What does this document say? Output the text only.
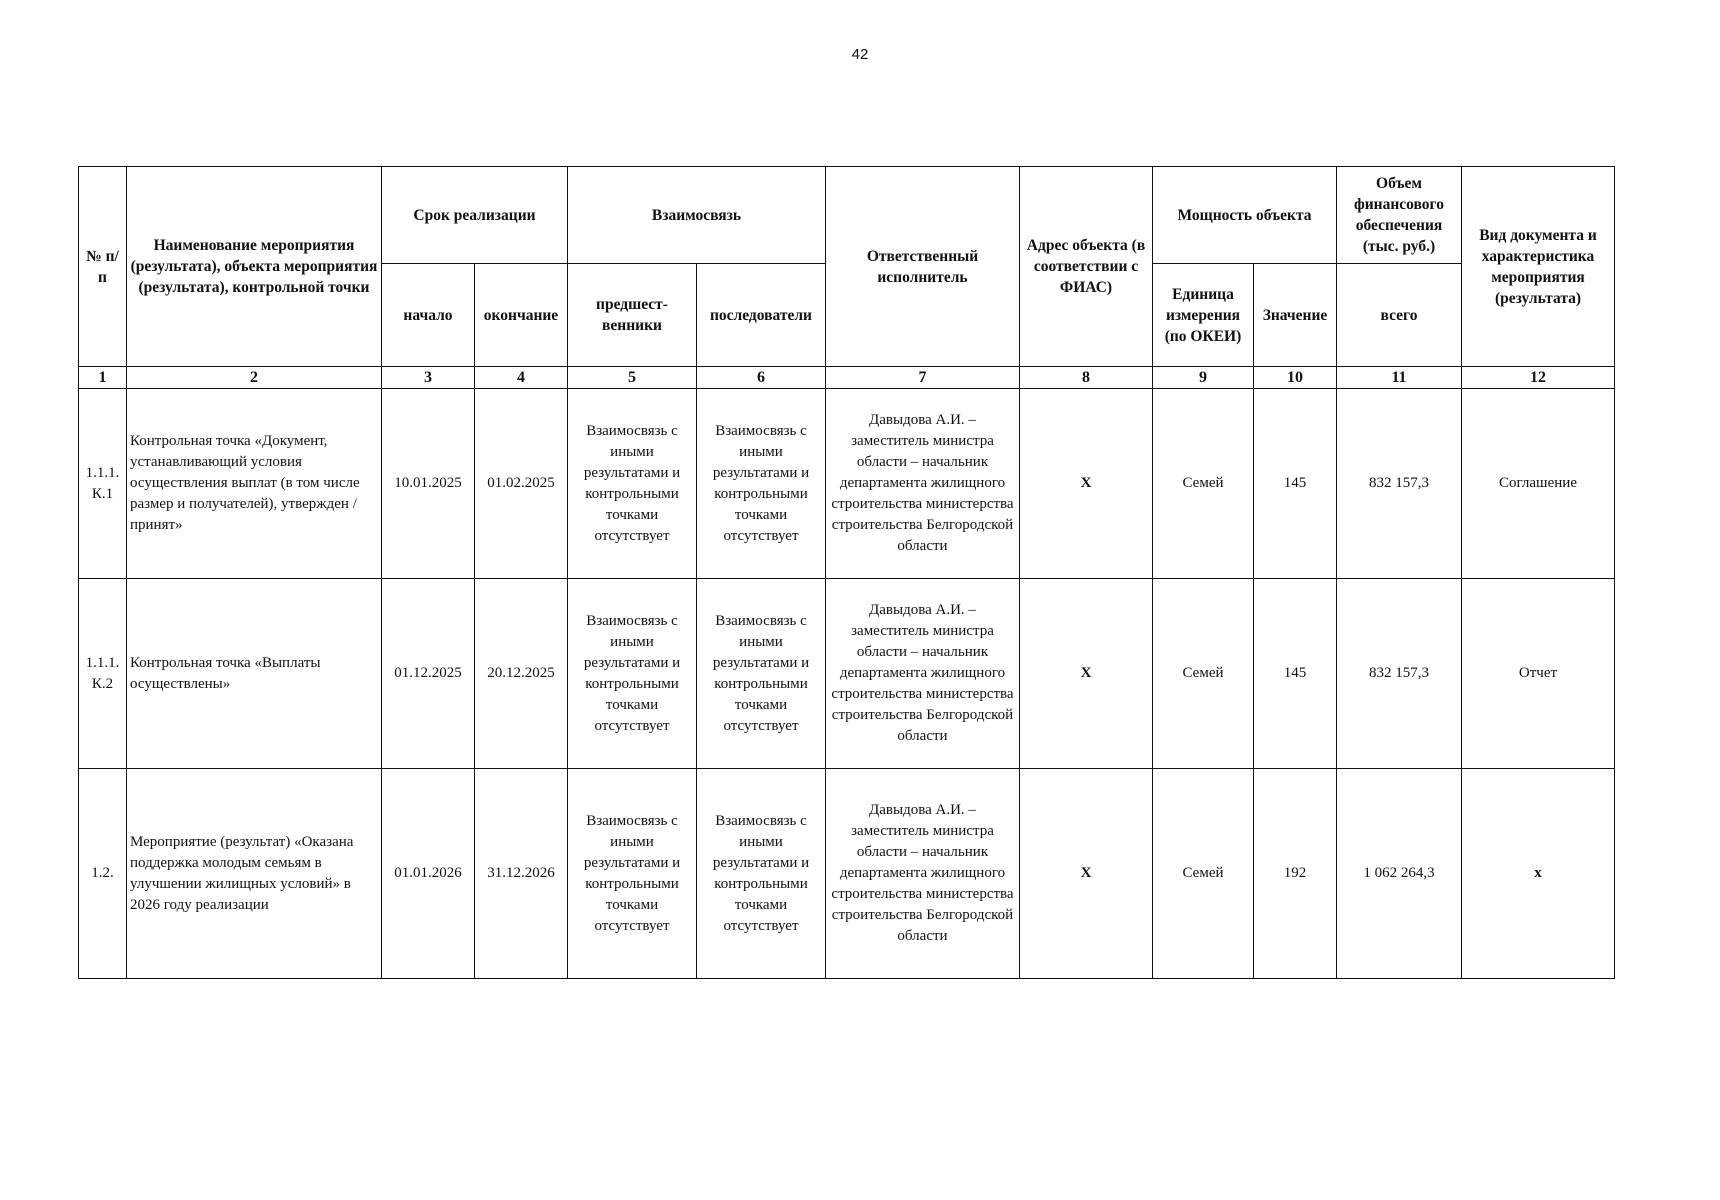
42
№ п/п	Наименование мероприятия (результата), объекта мероприятия (результата), контрольной точки	Срок реализации		Взаимосвязь		Ответственный исполнитель	Адрес объекта (в соответствии с ФИАС)	Мощность объекта		Объем финансового обеспечения (тыс. руб.)	Вид документа и характеристика мероприятия (результата)
		начало	окончание	предшест- венники	последователи			Единица измерения (по ОКЕИ)	Значение	всего	
1	2	3	4	5	6	7	8	9	10	11	12
1.1.1. К.1	Контрольная точка «Документ, устанавливающий условия осуществления выплат (в том числе размер и получателей), утвержден / принят»	10.01.2025	01.02.2025	Взаимосвязь с иными результатами и контрольными точками отсутствует	Взаимосвязь с иными результатами и контрольными точками отсутствует	Давыдова А.И. – заместитель министра области – начальник департамента жилищного строительства министерства строительства Белгородской области	X	Семей	145	832 157,3	Соглашение
1.1.1. К.2	Контрольная точка «Выплаты осуществлены»	01.12.2025	20.12.2025	Взаимосвязь с иными результатами и контрольными точками отсутствует	Взаимосвязь с иными результатами и контрольными точками отсутствует	Давыдова А.И. – заместитель министра области – начальник департамента жилищного строительства министерства строительства Белгородской области	X	Семей	145	832 157,3	Отчет
1.2.	Мероприятие (результат) «Оказана поддержка молодым семьям в улучшении жилищных условий» в 2026 году реализации	01.01.2026	31.12.2026	Взаимосвязь с иными результатами и контрольными точками отсутствует	Взаимосвязь с иными результатами и контрольными точками отсутствует	Давыдова А.И. – заместитель министра области – начальник департамента жилищного строительства министерства строительства Белгородской области	X	Семей	192	1 062 264,3	x
